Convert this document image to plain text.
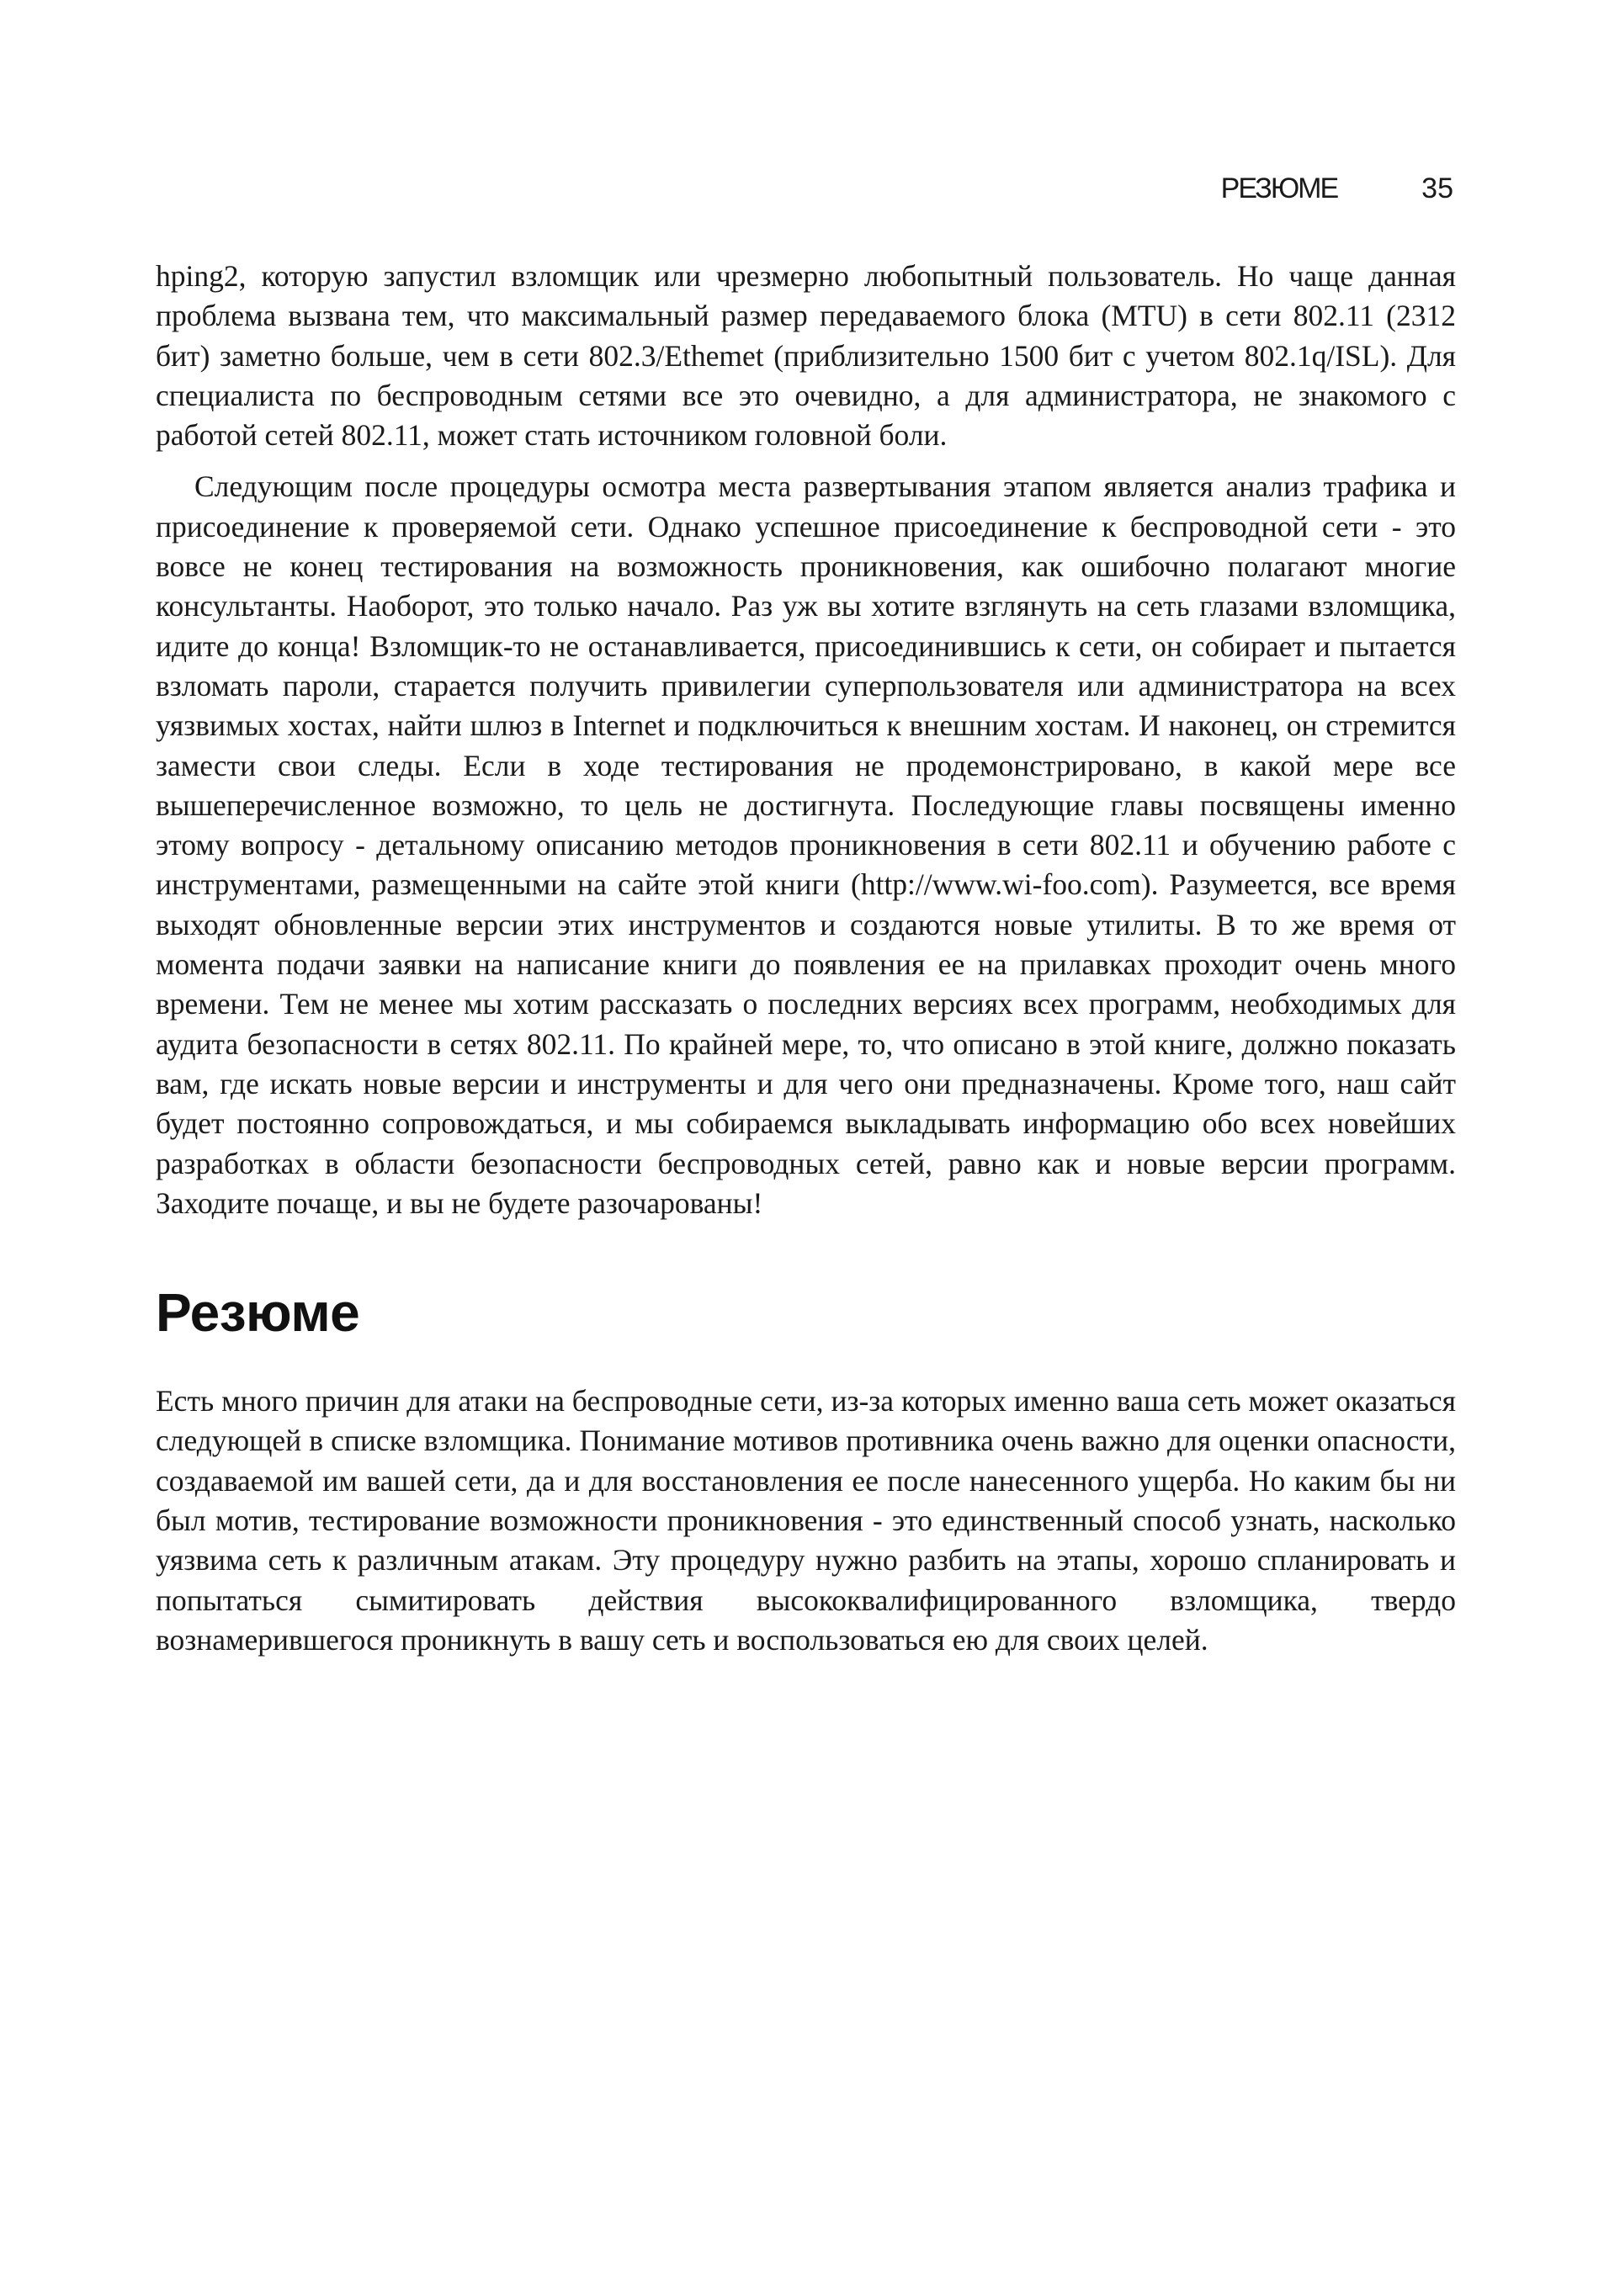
РЕЗЮМЕ	35

hping2, которую запустил взломщик или чрезмерно любопытный пользователь. Но чаще данная проблема вызвана тем, что максимальный размер передаваемого блока (MTU) в сети 802.11 (2312 бит) заметно больше, чем в сети 802.3/Ethemet (приблизительно 1500 бит с учетом 802.1q/ISL). Для специалиста по беспроводным сетями все это очевидно, а для администратора, не знакомого с работой сетей 802.11, может стать источником головной боли.

Следующим после процедуры осмотра места развертывания этапом является анализ трафика и присоединение к проверяемой сети. Однако успешное присоединение к беспроводной сети - это вовсе не конец тестирования на возможность проникновения, как ошибочно полагают многие консультанты. Наоборот, это только начало. Раз уж вы хотите взглянуть на сеть глазами взломщика, идите до конца! Взломщик-то не останавливается, присоединившись к сети, он собирает и пытается взломать пароли, старается получить привилегии суперпользователя или администратора на всех уязвимых хостах, найти шлюз в Internet и подключиться к внешним хостам. И наконец, он стремится замести свои следы. Если в ходе тестирования не продемонстрировано, в какой мере все вышеперечисленное возможно, то цель не достигнута. Последующие главы посвящены именно этому вопросу - детальному описанию методов проникновения в сети 802.11 и обучению работе с инструментами, размещенными на сайте этой книги (http://www.wi-foo.com). Разумеется, все время выходят обновленные версии этих инструментов и создаются новые утилиты. В то же время от момента подачи заявки на написание книги до появления ее на прилавках проходит очень много времени. Тем не менее мы хотим рассказать о последних версиях всех программ, необходимых для аудита безопасности в сетях 802.11. По крайней мере, то, что описано в этой книге, должно показать вам, где искать новые версии и инструменты и для чего они предназначены. Кроме того, наш сайт будет постоянно сопровождаться, и мы собираемся выкладывать информацию обо всех новейших разработках в области безопасности беспроводных сетей, равно как и новые версии программ. Заходите почаще, и вы не будете разочарованы!

Резюме

Есть много причин для атаки на беспроводные сети, из-за которых именно ваша сеть может оказаться следующей в списке взломщика. Понимание мотивов противника очень важно для оценки опасности, создаваемой им вашей сети, да и для восстановления ее после нанесенного ущерба. Но каким бы ни был мотив, тестирование возможности проникновения - это единственный способ узнать, насколько уязвима сеть к различным атакам. Эту процедуру нужно разбить на этапы, хорошо спланировать и попытаться сымитировать действия высококвалифицированного взломщика, твердо вознамерившегося проникнуть в вашу сеть и воспользоваться ею для своих целей.
